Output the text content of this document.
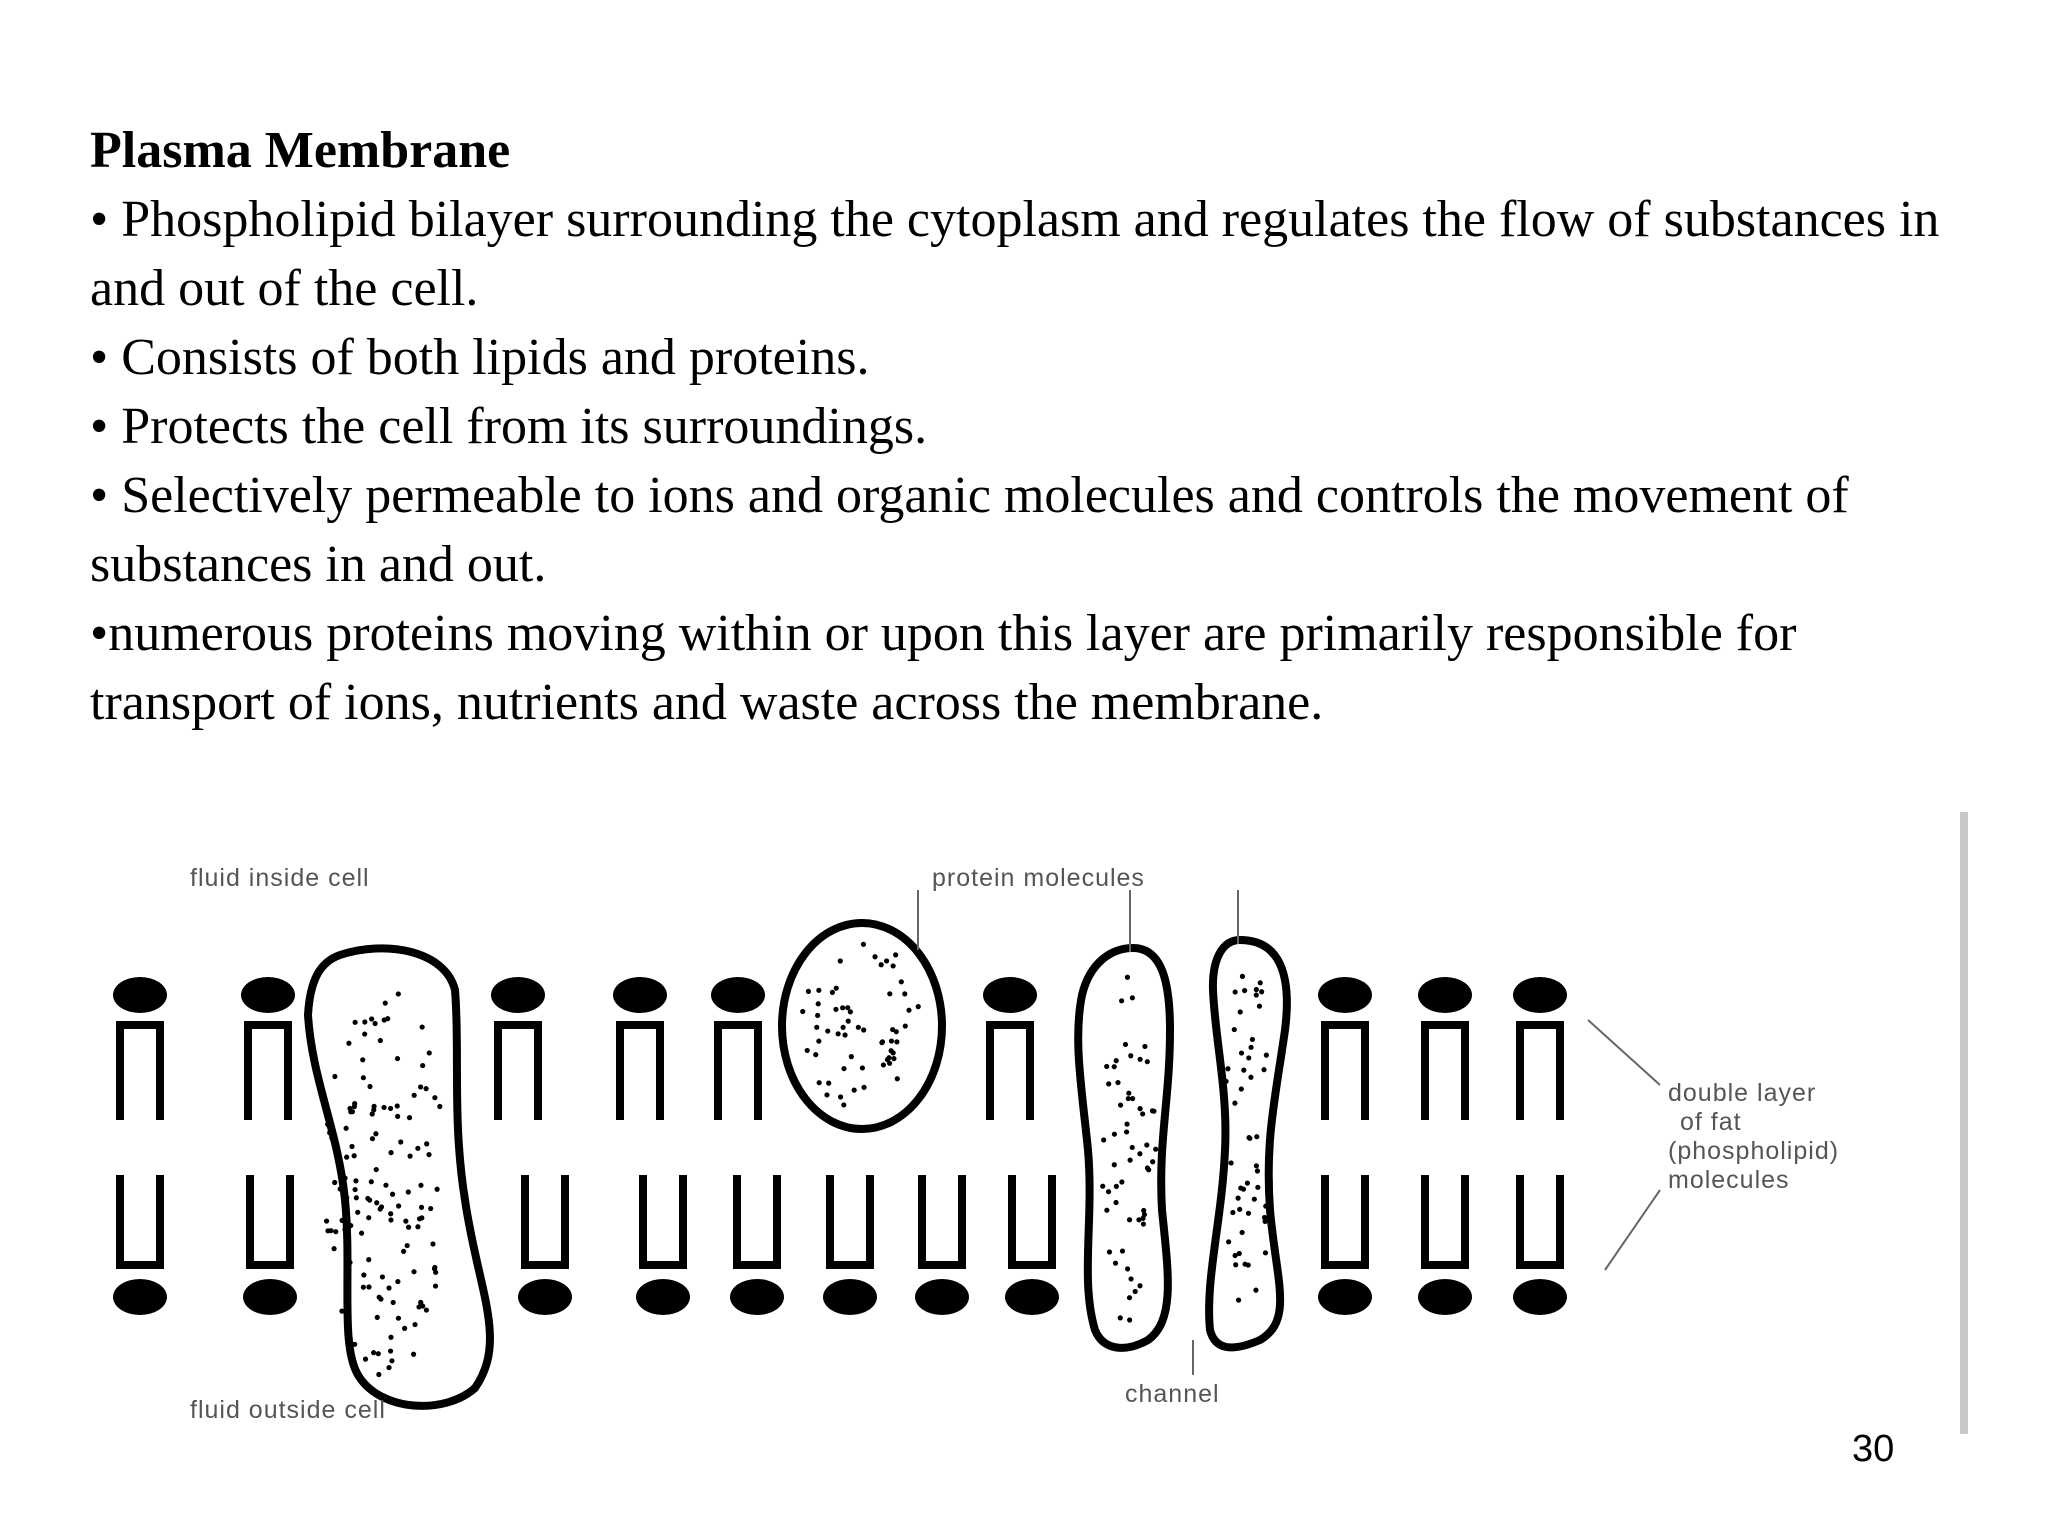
Plasma Membrane

• Phospholipid bilayer surrounding the cytoplasm and regulates the flow of substances in and out of the cell.

• Consists of both lipids and proteins.

• Protects the cell from its surroundings.

• Selectively permeable to ions and organic molecules and controls the movement of substances in and out.

•numerous proteins moving within or upon this layer are primarily responsible for transport of ions, nutrients and waste across the membrane.

fluid inside cell	protein molecules
double layer
of fat
(phospholipid)
molecules
channel
fluid outside cell
30
